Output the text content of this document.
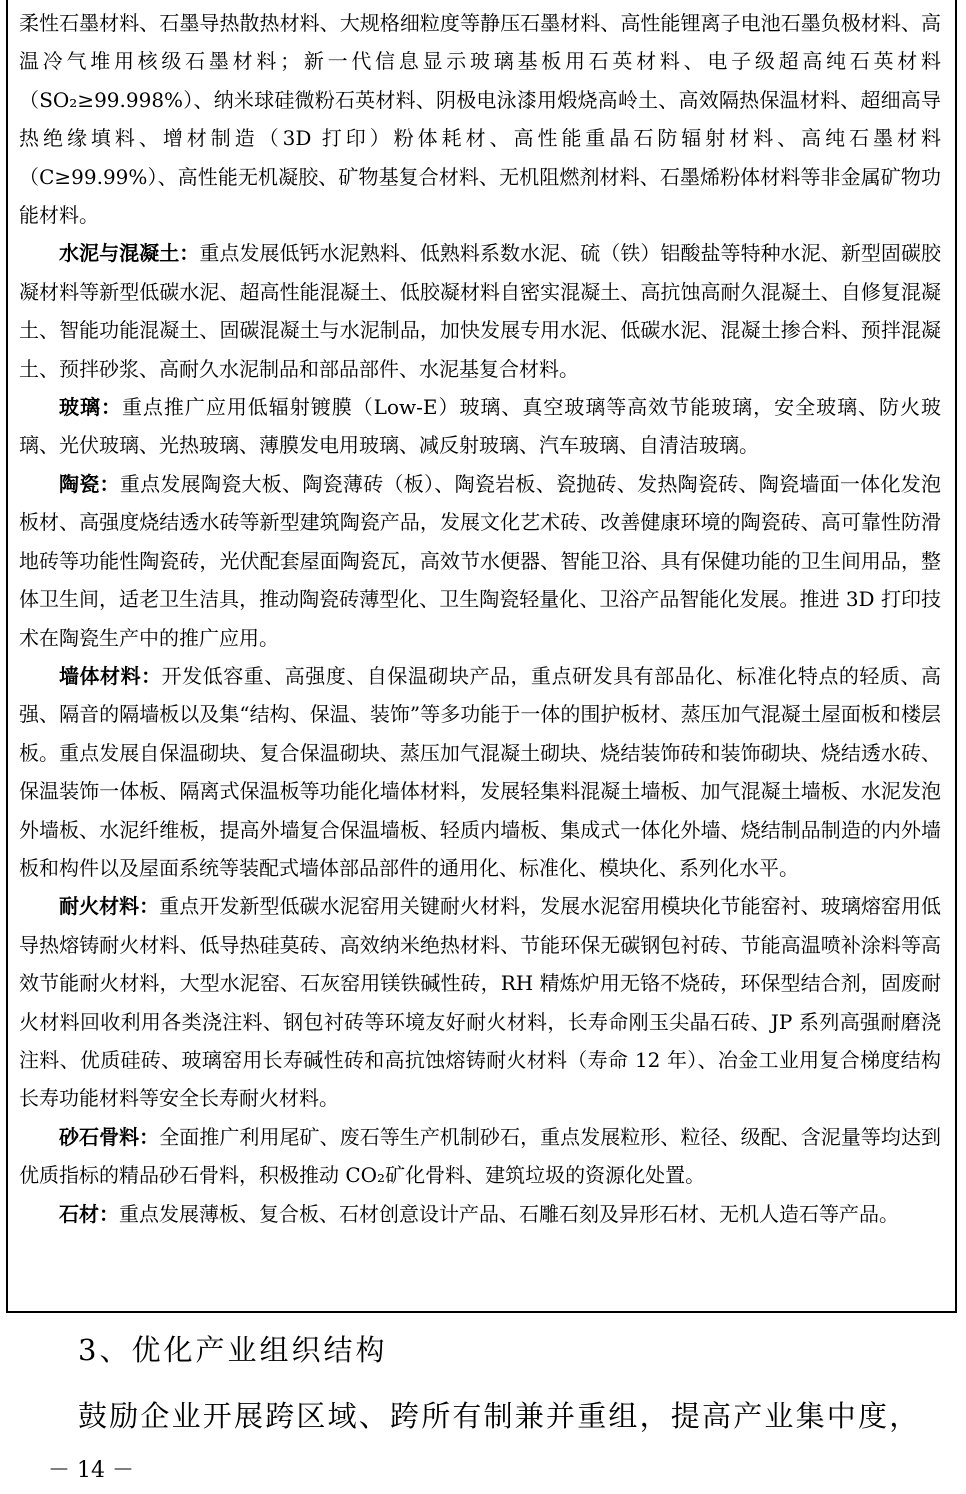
柔性石墨材料、石墨导热散热材料、大规格细粒度等静压石墨材料、高性能锂离子电池石墨负极材料、高温冷气堆用核级石墨材料；新一代信息显示玻璃基板用石英材料、电子级超高纯石英材料（SO₂≥99.998%）、纳米球硅微粉石英材料、阴极电泳漆用煅烧高岭土、高效隔热保温材料、超细高导热绝缘填料、增材制造（3D 打印）粉体耗材、高性能重晶石防辐射材料、高纯石墨材料（C≥99.99%）、高性能无机凝胶、矿物基复合材料、无机阻燃剂材料、石墨烯粉体材料等非金属矿物功能材料。

水泥与混凝土：重点发展低钙水泥熟料、低熟料系数水泥、硫（铁）铝酸盐等特种水泥、新型固碳胶凝材料等新型低碳水泥、超高性能混凝土、低胶凝材料自密实混凝土、高抗蚀高耐久混凝土、自修复混凝土、智能功能混凝土、固碳混凝土与水泥制品，加快发展专用水泥、低碳水泥、混凝土掺合料、预拌混凝土、预拌砂浆、高耐久水泥制品和部品部件、水泥基复合材料。

玻璃：重点推广应用低辐射镀膜（Low-E）玻璃、真空玻璃等高效节能玻璃，安全玻璃、防火玻璃、光伏玻璃、光热玻璃、薄膜发电用玻璃、减反射玻璃、汽车玻璃、自清洁玻璃。

陶瓷：重点发展陶瓷大板、陶瓷薄砖（板）、陶瓷岩板、瓷抛砖、发热陶瓷砖、陶瓷墙面一体化发泡板材、高强度烧结透水砖等新型建筑陶瓷产品，发展文化艺术砖、改善健康环境的陶瓷砖、高可靠性防滑地砖等功能性陶瓷砖，光伏配套屋面陶瓷瓦，高效节水便器、智能卫浴、具有保健功能的卫生间用品，整体卫生间，适老卫生洁具，推动陶瓷砖薄型化、卫生陶瓷轻量化、卫浴产品智能化发展。推进 3D 打印技术在陶瓷生产中的推广应用。

墙体材料：开发低容重、高强度、自保温砌块产品，重点研发具有部品化、标准化特点的轻质、高强、隔音的隔墙板以及集“结构、保温、装饰”等多功能于一体的围护板材、蒸压加气混凝土屋面板和楼层板。重点发展自保温砌块、复合保温砌块、蒸压加气混凝土砌块、烧结装饰砖和装饰砌块、烧结透水砖、保温装饰一体板、隔离式保温板等功能化墙体材料，发展轻集料混凝土墙板、加气混凝土墙板、水泥发泡外墙板、水泥纤维板，提高外墙复合保温墙板、轻质内墙板、集成式一体化外墙、烧结制品制造的内外墙板和构件以及屋面系统等装配式墙体部品部件的通用化、标准化、模块化、系列化水平。

耐火材料：重点开发新型低碳水泥窑用关键耐火材料，发展水泥窑用模块化节能窑衬、玻璃熔窑用低导热熔铸耐火材料、低导热硅莫砖、高效纳米绝热材料、节能环保无碳钢包衬砖、节能高温喷补涂料等高效节能耐火材料，大型水泥窑、石灰窑用镁铁碱性砖，RH 精炼炉用无铬不烧砖，环保型结合剂，固废耐火材料回收利用各类浇注料、钢包衬砖等环境友好耐火材料，长寿命刚玉尖晶石砖、JP 系列高强耐磨浇注料、优质硅砖、玻璃窑用长寿碱性砖和高抗蚀熔铸耐火材料（寿命 12 年）、冶金工业用复合梯度结构长寿功能材料等安全长寿耐火材料。

砂石骨料：全面推广利用尾矿、废石等生产机制砂石，重点发展粒形、粒径、级配、含泥量等均达到优质指标的精品砂石骨料，积极推动 CO₂矿化骨料、建筑垃圾的资源化处置。

石材：重点发展薄板、复合板、石材创意设计产品、石雕石刻及异形石材、无机人造石等产品。

3、优化产业组织结构

鼓励企业开展跨区域、跨所有制兼并重组，提高产业集中度，

－ 14 －
